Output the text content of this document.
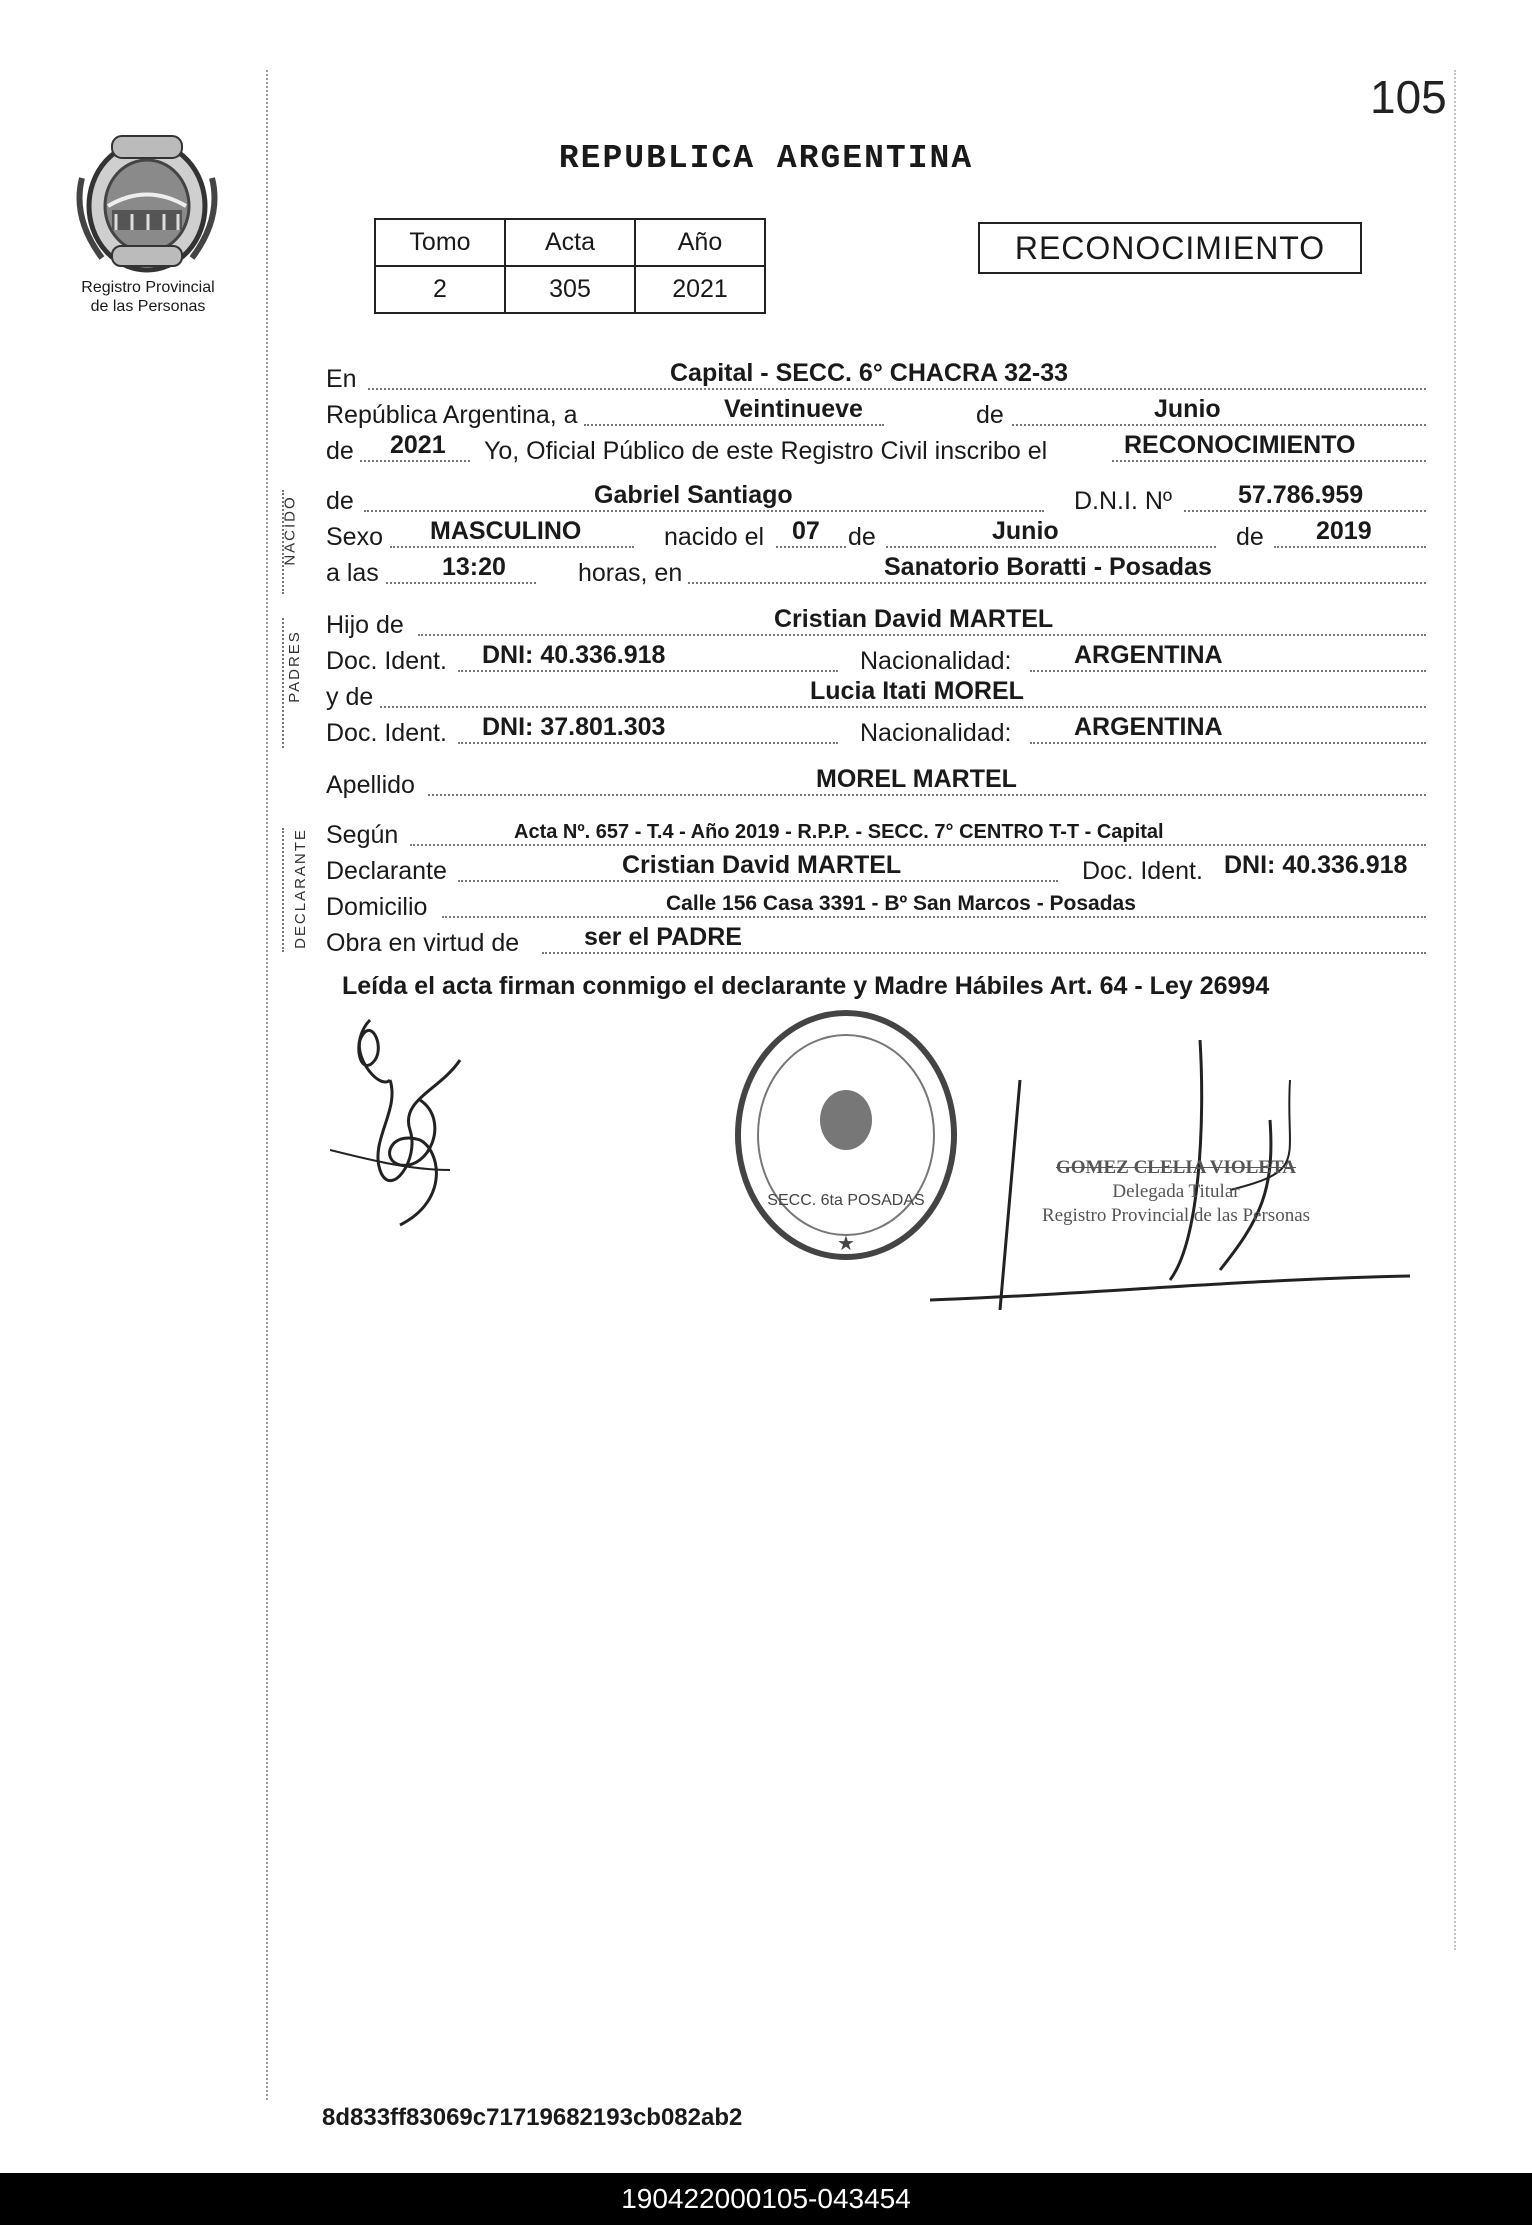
105
Registro Provincial
de las Personas
REPUBLICA ARGENTINA
Tomo	Acta	Año
2	305	2021
RECONOCIMIENTO
En	Capital - SECC. 6° CHACRA 32-33
República Argentina, a	Veintinueve	de	Junio
de 2021 Yo, Oficial Público de este Registro Civil inscribo el	RECONOCIMIENTO
NACIDO de	Gabriel Santiago	D.N.I. Nº	57.786.959
Sexo MASCULINO	nacido el 07 de	Junio	de 2019
a las	13:20	horas, en	Sanatorio Boratti - Posadas
PADRES
Hijo de	Cristian David MARTEL
Doc. Ident. DNI: 40.336.918	Nacionalidad:	ARGENTINA
y de	Lucia Itati MOREL
Doc. Ident. DNI: 37.801.303	Nacionalidad:	ARGENTINA
Apellido	MOREL MARTEL
DECLARANTE Según	Acta Nº. 657 - T.4 - Año 2019 - R.P.P. - SECC. 7° CENTRO T-T - Capital
Declarante	Cristian David MARTEL	Doc. Ident. DNI: 40.336.918
Domicilio	Calle 156 Casa 3391 - Bº San Marcos - Posadas
Obra en virtud de	ser el PADRE
Leída el acta firman conmigo el declarante y Madre Hábiles Art. 64 - Ley 26994
SECC. 6ta POSADAS
★
GOMEZ CLELIA VIOLETA
Delegada Titular
Registro Provincial de las Personas
8d833ff83069c71719682193cb082ab2
190422000105-043454
